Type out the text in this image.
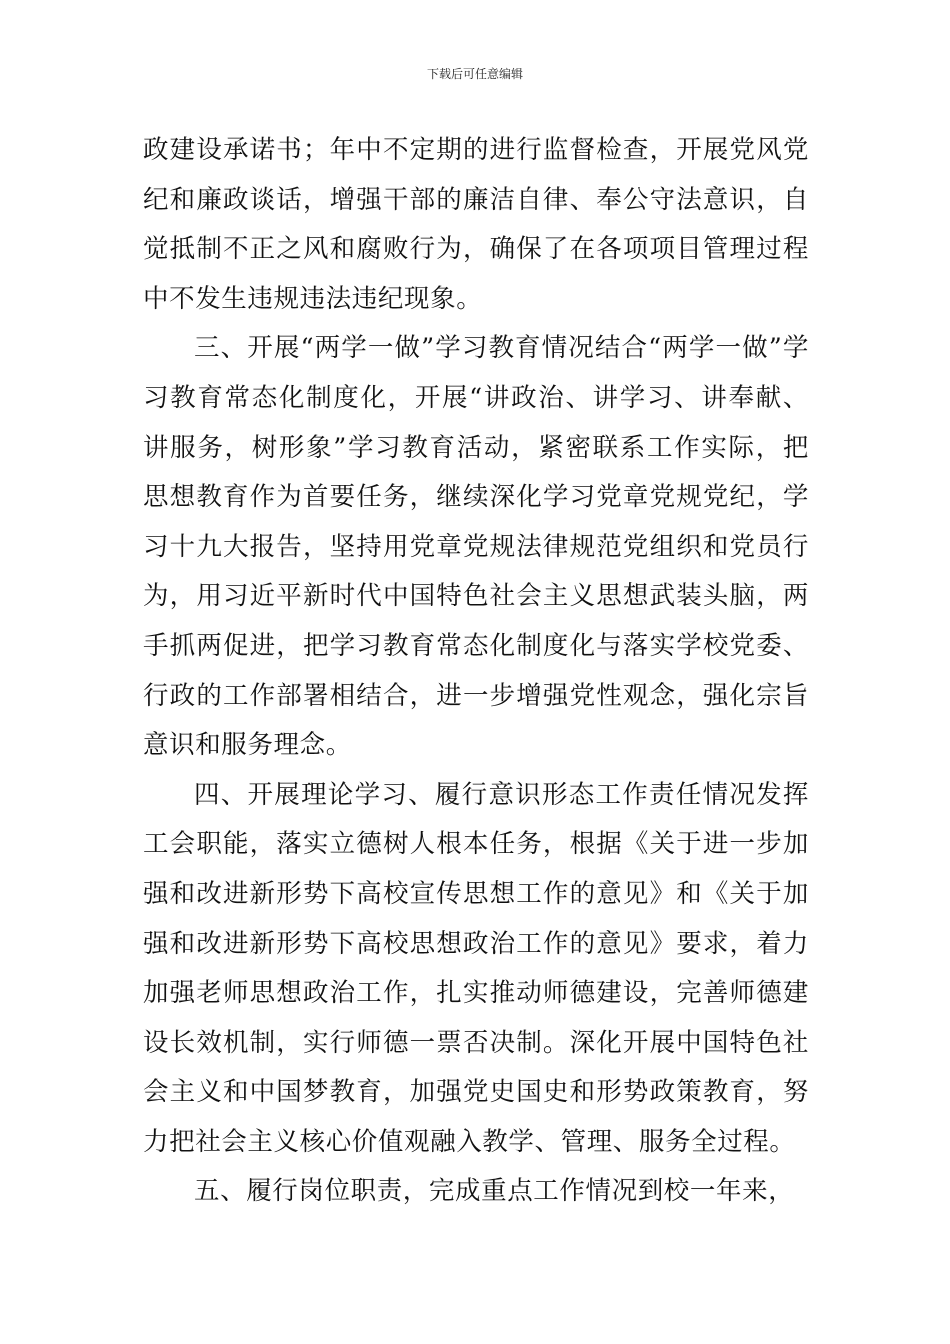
下载后可任意编辑

政建设承诺书；年中不定期的进行监督检查，开展党风党纪和廉政谈话，增强干部的廉洁自律、奉公守法意识，自觉抵制不正之风和腐败行为，确保了在各项项目管理过程中不发生违规违法违纪现象。

三、开展“两学一做”学习教育情况结合“两学一做”学习教育常态化制度化，开展“讲政治、讲学习、讲奉献、讲服务，树形象”学习教育活动，紧密联系工作实际，把思想教育作为首要任务，继续深化学习党章党规党纪，学习十九大报告，坚持用党章党规法律规范党组织和党员行为，用习近平新时代中国特色社会主义思想武装头脑，两手抓两促进，把学习教育常态化制度化与落实学校党委、行政的工作部署相结合，进一步增强党性观念，强化宗旨意识和服务理念。

四、开展理论学习、履行意识形态工作责任情况发挥工会职能，落实立德树人根本任务，根据《关于进一步加强和改进新形势下高校宣传思想工作的意见》和《关于加强和改进新形势下高校思想政治工作的意见》要求，着力加强老师思想政治工作，扎实推动师德建设，完善师德建设长效机制，实行师德一票否决制。深化开展中国特色社会主义和中国梦教育，加强党史国史和形势政策教育，努力把社会主义核心价值观融入教学、管理、服务全过程。

五、履行岗位职责，完成重点工作情况到校一年来，
